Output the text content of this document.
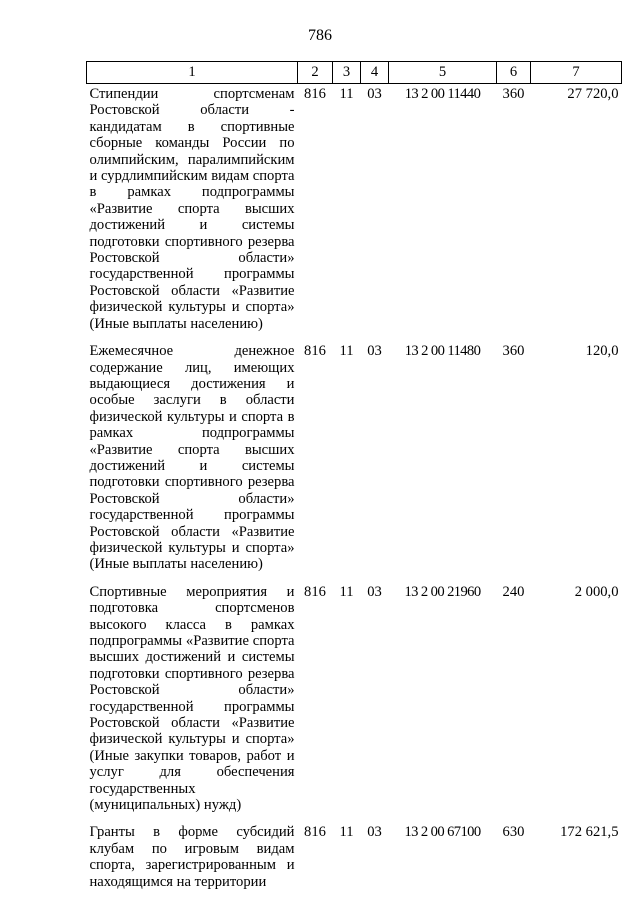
786
1	2	3	4	5	6	7
Стипендии спортсменам Ростовской области - кандидатам в спортивные сборные команды России по олимпийским, паралимпийским и сурдлимпийским видам спорта в рамках подпрограммы «Развитие спорта высших достижений и системы подготовки спортивного резерва Ростовской области» государственной программы Ростовской области «Развитие физической культуры и спорта» (Иные выплаты населению)	816	11	03	13 2 00 11440	360	27 720,0
Ежемесячное денежное содержание лиц, имеющих выдающиеся достижения и особые заслуги в области физической культуры и спорта в рамках подпрограммы «Развитие спорта высших достижений и системы подготовки спортивного резерва Ростовской области» государственной программы Ростовской области «Развитие физической культуры и спорта» (Иные выплаты населению)	816	11	03	13 2 00 11480	360	120,0
Спортивные мероприятия и подготовка спортсменов высокого класса в рамках подпрограммы «Развитие спорта высших достижений и системы подготовки спортивного резерва Ростовской области» государственной программы Ростовской области «Развитие физической культуры и спорта» (Иные закупки товаров, работ и услуг для обеспечения государственных (муниципальных) нужд)	816	11	03	13 2 00 21960	240	2 000,0
Гранты в форме субсидий клубам по игровым видам спорта, зарегистрированным и находящимся на территории	816	11	03	13 2 00 67100	630	172 621,5
